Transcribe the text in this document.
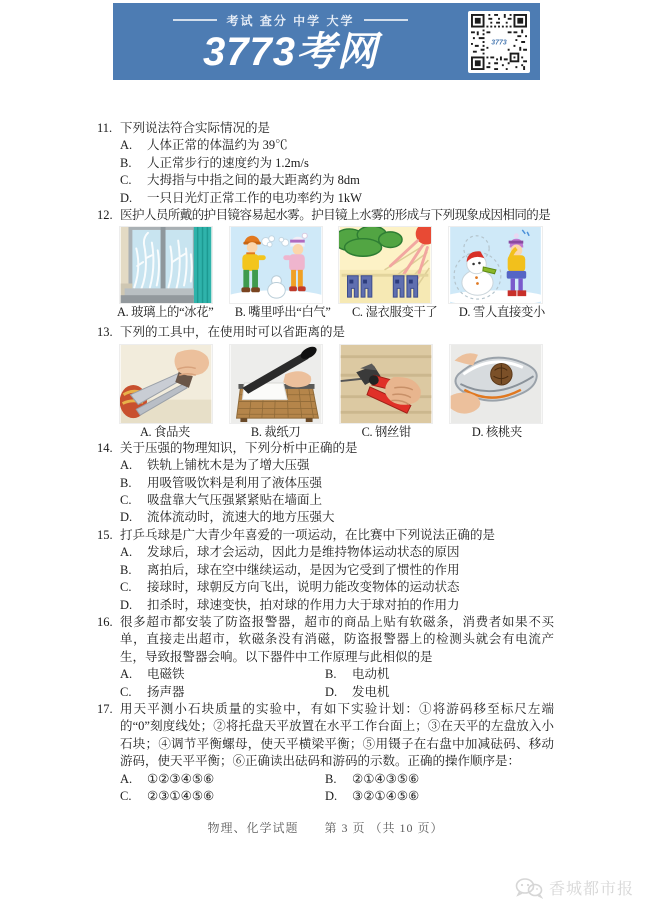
考试 查分 中学 大学
3773考网	3773
11. 下列说法符合实际情况的是
A.	人体正常的体温约为 39℃
B.	人正常步行的速度约为 1.2m/s
C.	大拇指与中指之间的最大距离约为 8dm
D.	一只日光灯正常工作的电功率约为 1kW
12. 医护人员所戴的护目镜容易起水雾。护目镜上水雾的形成与下列现象成因相同的是
A. 玻璃上的“冰花” B. 嘴里呼出“白气” C. 湿衣服变干了 D. 雪人直接变小
13. 下列的工具中，在使用时可以省距离的是
A. 食品夹	B. 裁纸刀	C. 钢丝钳	D. 核桃夹
14. 关于压强的物理知识，下列分析中正确的是
A.	铁轨上铺枕木是为了增大压强
B.	用吸管吸饮料是利用了液体压强
C.	吸盘靠大气压强紧紧贴在墙面上
D.	流体流动时，流速大的地方压强大
15. 打乒乓球是广大青少年喜爱的一项运动，在比赛中下列说法正确的是
A.	发球后，球才会运动，因此力是维持物体运动状态的原因
B.	离拍后，球在空中继续运动，是因为它受到了惯性的作用
C.	接球时，球朝反方向飞出，说明力能改变物体的运动状态
D.	扣杀时，球速变快，拍对球的作用力大于球对拍的作用力
16. 很多超市都安装了防盗报警器，超市的商品上贴有软磁条，消费者如果不买单，直接走出超市，软磁条没有消磁，防盗报警器上的检测头就会有电流产生，导致报警器会响。以下器件中工作原理与此相似的是
A.	电磁铁	B.	电动机
C.	扬声器	D.	发电机
17. 用天平测小石块质量的实验中，有如下实验计划：①将游码移至标尺左端的“0”刻度线处；②将托盘天平放置在水平工作台面上；③在天平的左盘放入小石块；④调节平衡螺母，使天平横梁平衡；⑤用镊子在右盘中加减砝码、移动游码，使天平平衡；⑥正确读出砝码和游码的示数。正确的操作顺序是：
A.	①②③④⑤⑥	B.	②①④③⑤⑥
C.	②③①④⑤⑥	D.	③②①④⑤⑥
物理、化学试题　　第 3 页 （共 10 页）
香城都市报
